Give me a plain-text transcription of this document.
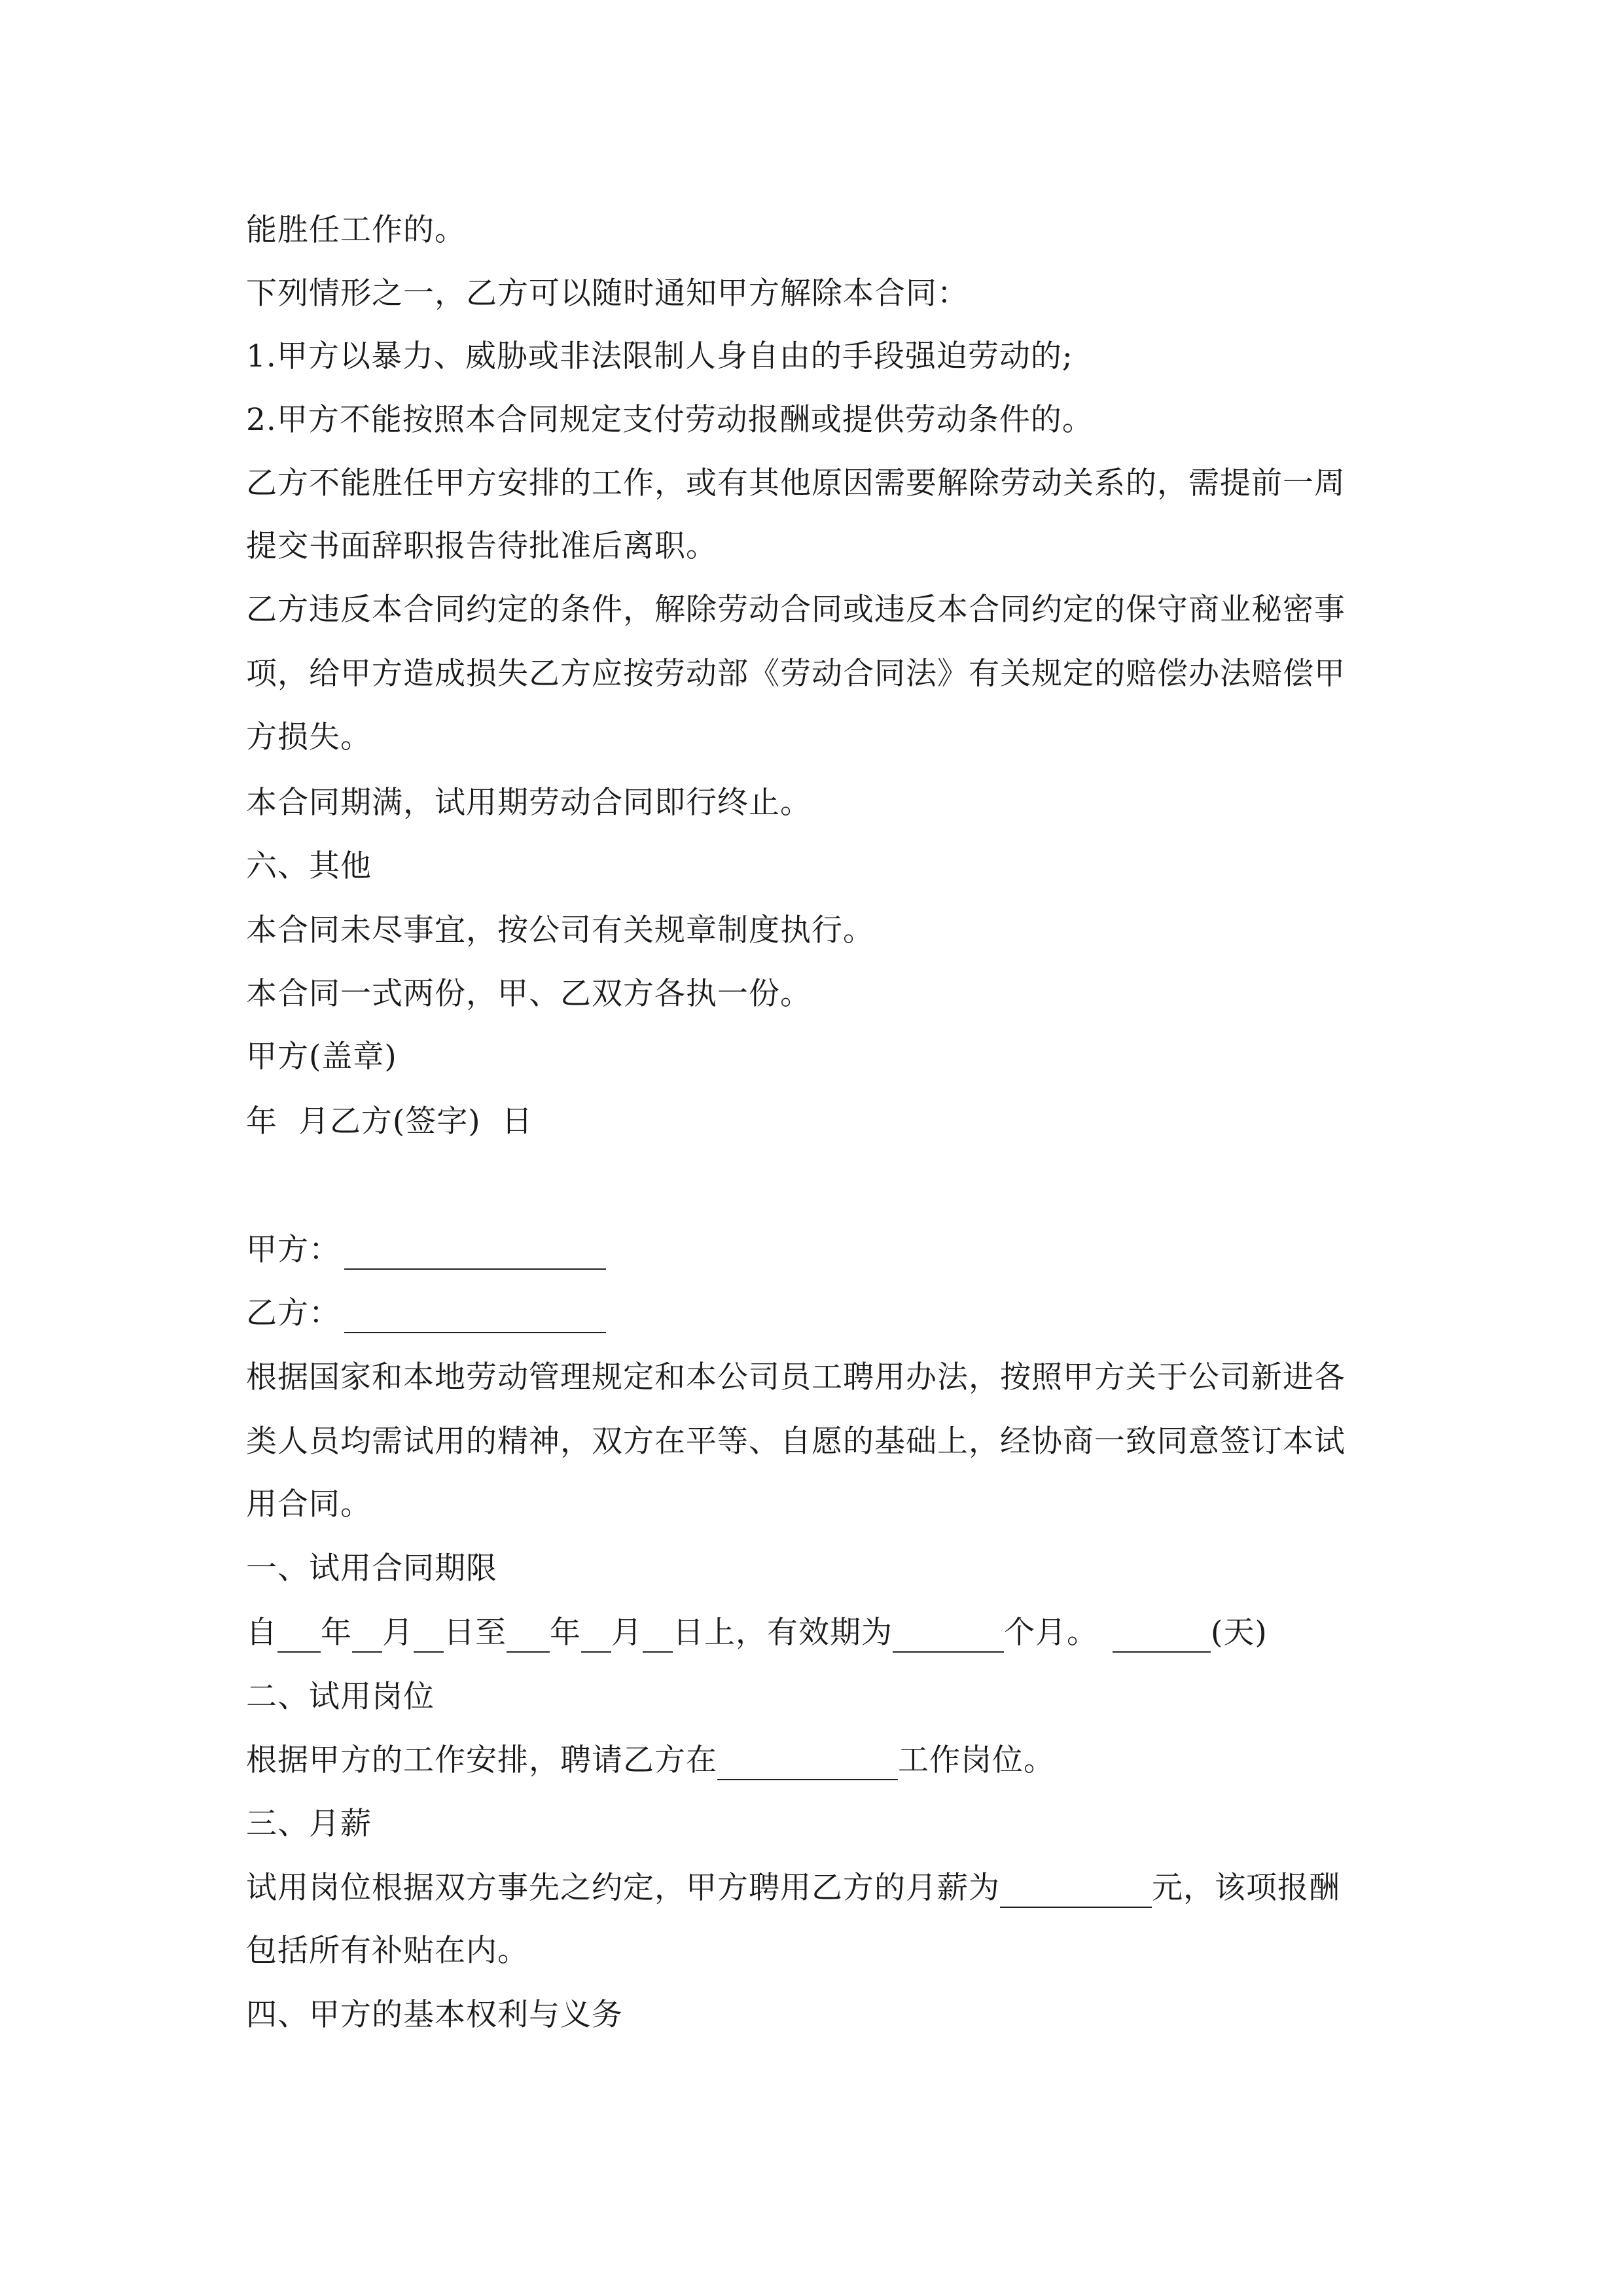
能胜任工作的。
下列情形之一，乙方可以随时通知甲方解除本合同：
1.甲方以暴力、威胁或非法限制人身自由的手段强迫劳动的;
2.甲方不能按照本合同规定支付劳动报酬或提供劳动条件的。
乙方不能胜任甲方安排的工作，或有其他原因需要解除劳动关系的，需提前一周
提交书面辞职报告待批准后离职。
乙方违反本合同约定的条件，解除劳动合同或违反本合同约定的保守商业秘密事
项，给甲方造成损失乙方应按劳动部《劳动合同法》有关规定的赔偿办法赔偿甲
方损失。
本合同期满，试用期劳动合同即行终止。
六、其他
本合同未尽事宜，按公司有关规章制度执行。
本合同一式两份，甲、乙双方各执一份。
甲方(盖章)
年  月乙方(签字)  日
甲方：
乙方：
根据国家和本地劳动管理规定和本公司员工聘用办法，按照甲方关于公司新进各
类人员均需试用的精神，双方在平等、自愿的基础上，经协商一致同意签订本试
用合同。
一、试用合同期限
自 年 月 日至 年 月 日上，有效期为	个月。	(天)
二、试用岗位
根据甲方的工作安排，聘请乙方在	工作岗位。
三、月薪
试用岗位根据双方事先之约定，甲方聘用乙方的月薪为	元，该项报酬
包括所有补贴在内。
四、甲方的基本权利与义务
